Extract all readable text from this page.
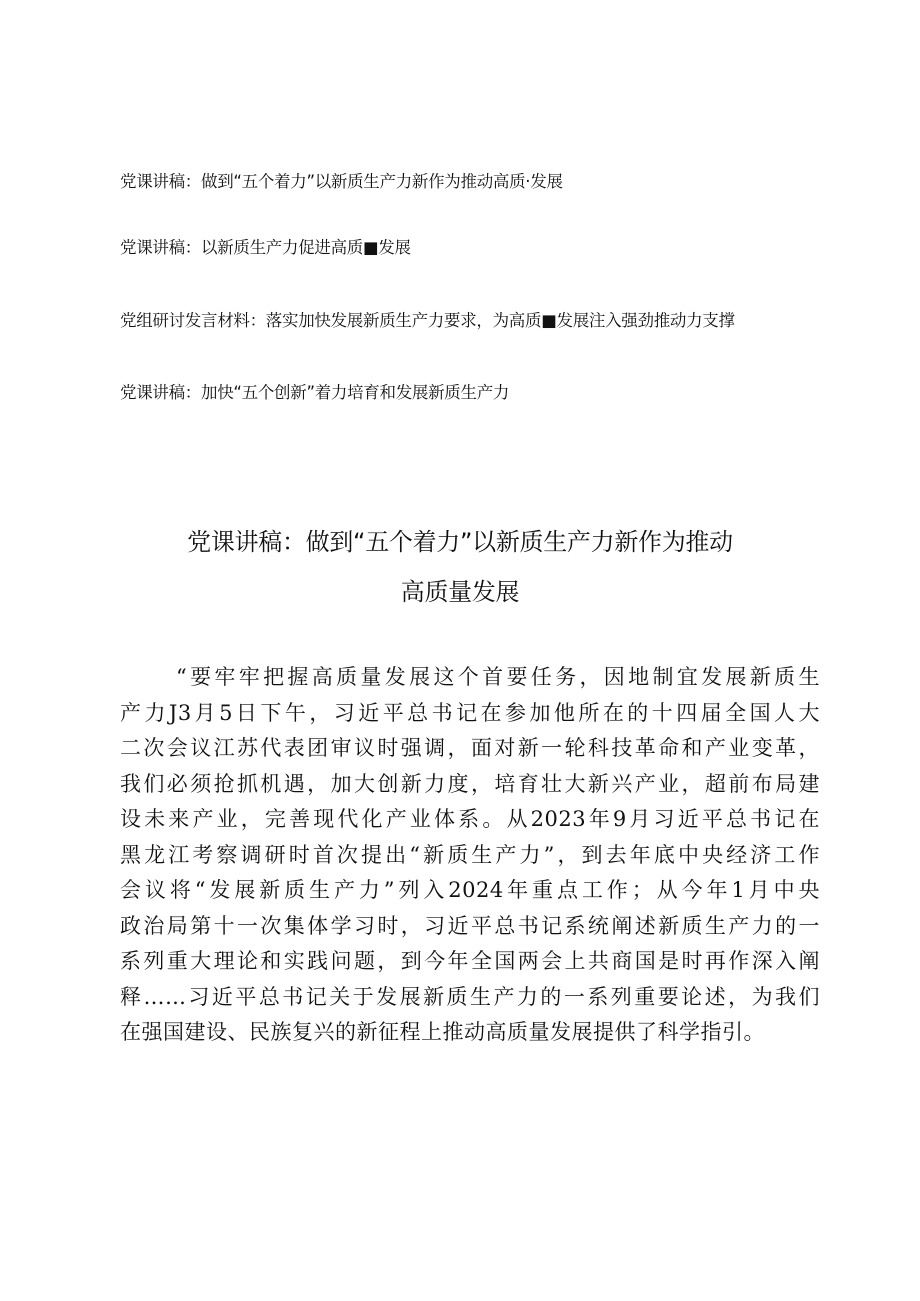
党课讲稿：做到“五个着力”以新质生产力新作为推动高质·发展
党课讲稿：以新质生产力促进高质■发展
党组研讨发言材料：落实加快发展新质生产力要求，为高质■发展注入强劲推动力支撑
党课讲稿：加快“五个创新”着力培育和发展新质生产力
党课讲稿：做到“五个着力”以新质生产力新作为推动
高质量发展
“要牢牢把握高质量发展这个首要任务，因地制宜发展新质生
产力J3月5日下午，习近平总书记在参加他所在的十四届全国人大
二次会议江苏代表团审议时强调，面对新一轮科技革命和产业变革，
我们必须抢抓机遇，加大创新力度，培育壮大新兴产业，超前布局建
设未来产业，完善现代化产业体系。从2023年9月习近平总书记在
黑龙江考察调研时首次提出“新质生产力”，到去年底中央经济工作
会议将“发展新质生产力”列入2024年重点工作；从今年1月中央
政治局第十一次集体学习时，习近平总书记系统阐述新质生产力的一
系列重大理论和实践问题，到今年全国两会上共商国是时再作深入阐
释……习近平总书记关于发展新质生产力的一系列重要论述，为我们
在强国建设、民族复兴的新征程上推动高质量发展提供了科学指引。
